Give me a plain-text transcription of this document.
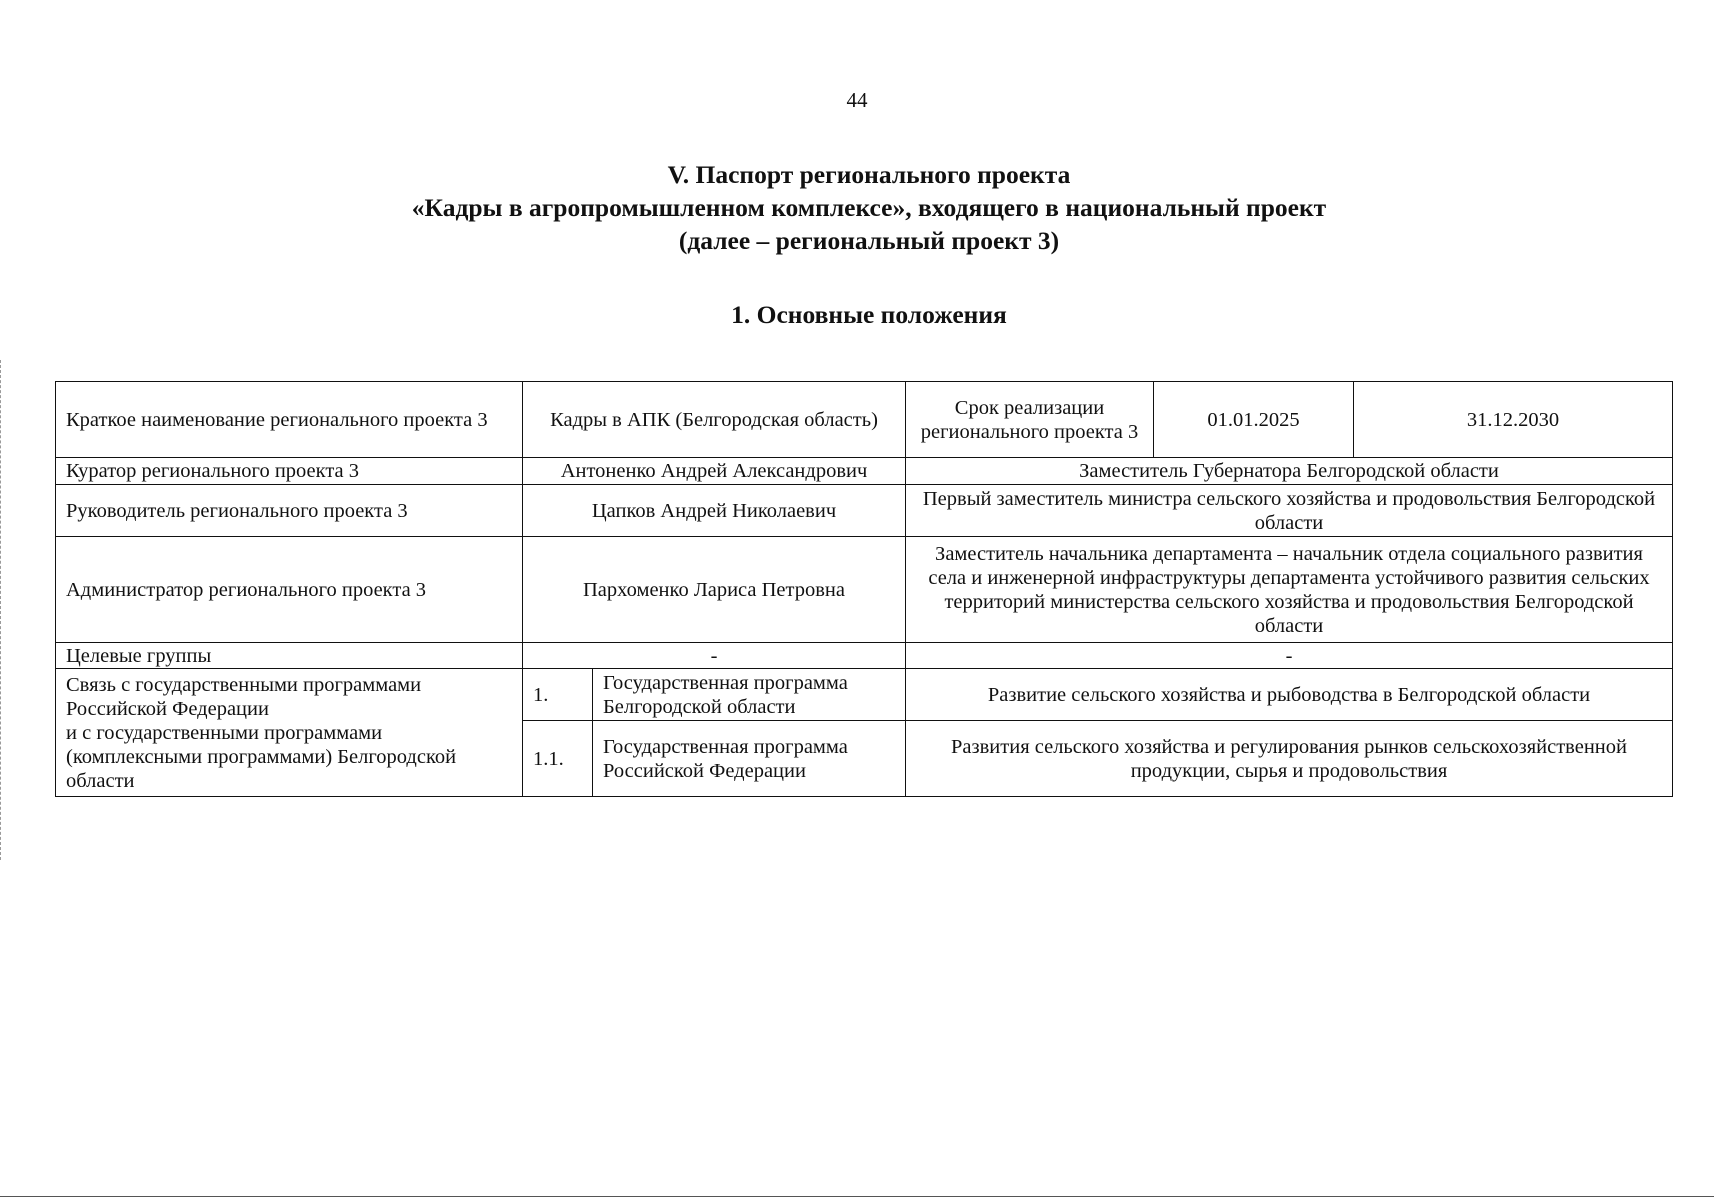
44
V. Паспорт регионального проекта
«Кадры в агропромышленном комплексе», входящего в национальный проект
(далее – региональный проект 3)
1. Основные положения
Краткое наименование регионального проекта 3	Кадры в АПК (Белгородская область)		Срок реализации регионального проекта 3	01.01.2025	31.12.2030
Куратор регионального проекта 3	Антоненко Андрей Александрович		Заместитель Губернатора Белгородской области		
Руководитель регионального проекта 3	Цапков Андрей Николаевич		Первый заместитель министра сельского хозяйства и продовольствия Белгородской области		
Администратор регионального проекта 3	Пархоменко Лариса Петровна		Заместитель начальника департамента – начальник отдела социального развития села и инженерной инфраструктуры департамента устойчивого развития сельских территорий министерства сельского хозяйства и продовольствия Белгородской области		
Целевые группы	-		-		

Связь с государственными программами Российской Федерации
и с государственными программами (комплексными программами) Белгородской области	1.	Государственная программа Белгородской области	Развитие сельского хозяйства и рыбоводства в Белгородской области		
	1.1.	Государственная программа Российской Федерации	Развития сельского хозяйства и регулирования рынков сельскохозяйственной продукции, сырья и продовольствия		
